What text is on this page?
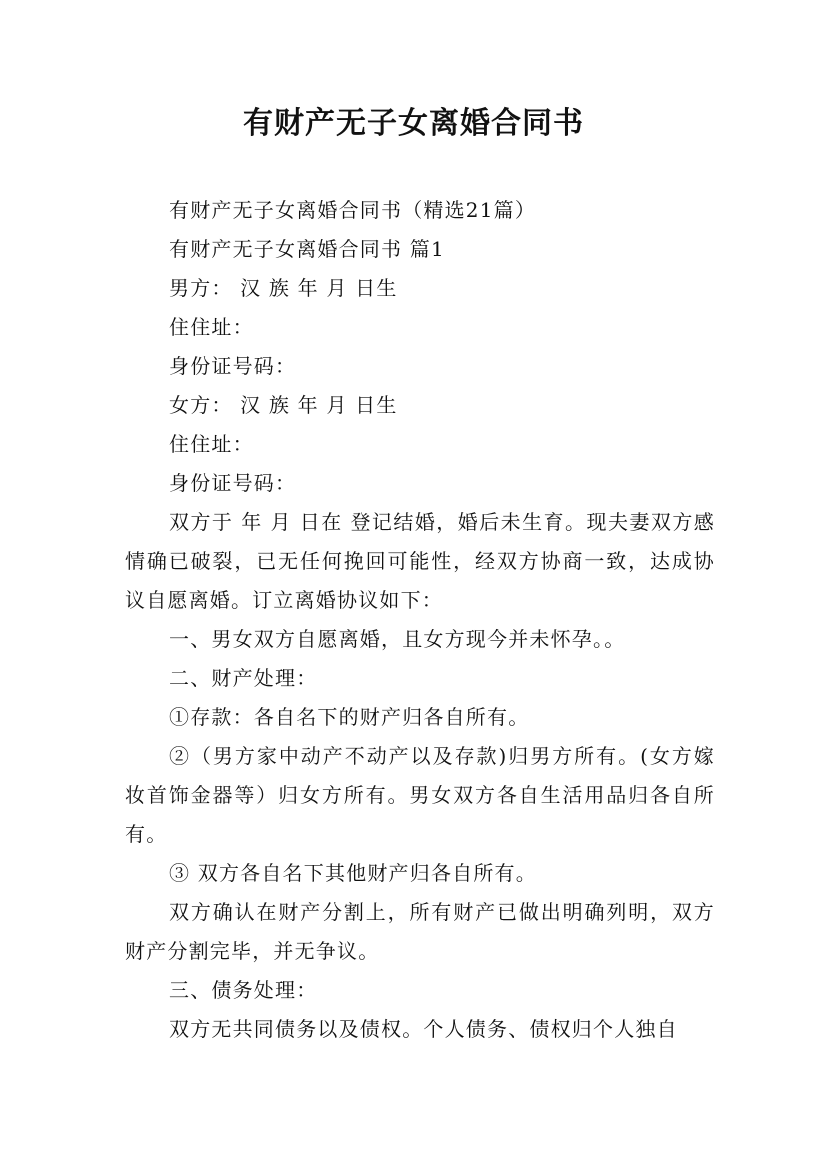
有财产无子女离婚合同书

有财产无子女离婚合同书（精选21篇）

有财产无子女离婚合同书 篇1

男方： 汉 族 年 月 日生

住住址：

身份证号码：

女方： 汉 族 年 月 日生

住住址：

身份证号码：

双方于 年 月 日在 登记结婚，婚后未生育。现夫妻双方感情确已破裂，已无任何挽回可能性，经双方协商一致，达成协议自愿离婚。订立离婚协议如下：

一、男女双方自愿离婚，且女方现今并未怀孕。。

二、财产处理：

①存款：各自名下的财产归各自所有。

②（男方家中动产不动产以及存款)归男方所有。(女方嫁妆首饰金器等）归女方所有。男女双方各自生活用品归各自所有。

③ 双方各自名下其他财产归各自所有。

双方确认在财产分割上，所有财产已做出明确列明，双方财产分割完毕，并无争议。

三、债务处理：

双方无共同债务以及债权。个人债务、债权归个人独自
